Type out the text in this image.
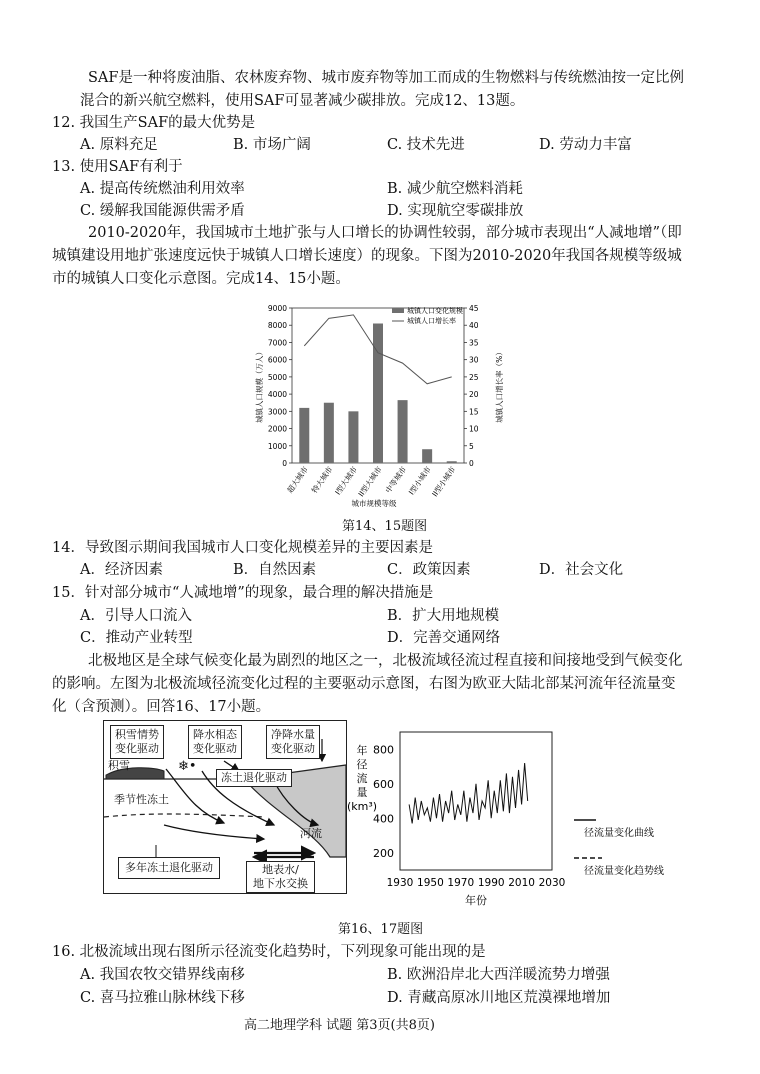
SAF是一种将废油脂、农林废弃物、城市废弃物等加工而成的生物燃料与传统燃油按一定比例
混合的新兴航空燃料，使用SAF可显著减少碳排放。完成12、13题。
12. 我国生产SAF的最大优势是
A. 原料充足	B. 市场广阔	C. 技术先进	D. 劳动力丰富
13. 使用SAF有利于
A. 提高传统燃油利用效率	B. 减少航空燃料消耗
C. 缓解我国能源供需矛盾	D. 实现航空零碳排放
2010-2020年，我国城市土地扩张与人口增长的协调性较弱，部分城市表现出“人减地增”（即
城镇建设用地扩张速度远快于城镇人口增长速度）的现象。下图为2010-2020年我国各规模等级城
市的城镇人口变化示意图。完成14、15小题。
0
1000
2000
3000
4000
5000
6000
7000
8000
9000
0
5
10
15
20
25
30
35
40
45
超大城市 特大城市
I型大城市
II型大城市 中等城市
I型小城市
II型小城市
城市规模等级
城镇人口规模（万人）	城镇人口增长率（%）
城镇人口变化规模
城镇人口增长率
第14、15题图
14．导致图示期间我国城市人口变化规模差异的主要因素是
A．经济因素	B．自然因素	C．政策因素	D．社会文化
15．针对部分城市“人减地增”的现象，最合理的解决措施是
A．引导人口流入	B．扩大用地规模
C．推动产业转型	D．完善交通网络
北极地区是全球气候变化最为剧烈的地区之一，北极流域径流过程直接和间接地受到气候变化
的影响。左图为北极流域径流变化过程的主要驱动示意图，右图为欧亚大陆北部某河流年径流量变
化（含预测）。回答16、17小题。
积雪情势
变化驱动
降水相态
变化驱动
净降水量
变化驱动
❄•
冻土退化驱动
积雪
季节性冻土
河流
多年冻土退化驱动	地表水/
地下水交换
200
400
600
800
1930 1950 1970 1990 2010 2030
年份
年
径
流
量
(km³)
径流量变化曲线
径流量变化趋势线
第16、17题图
16. 北极流域出现右图所示径流变化趋势时，下列现象可能出现的是
A. 我国农牧交错界线南移	B. 欧洲沿岸北大西洋暖流势力增强
C. 喜马拉雅山脉林线下移	D. 青藏高原冰川地区荒漠裸地增加
高二地理学科 试题 第3页(共8页)
